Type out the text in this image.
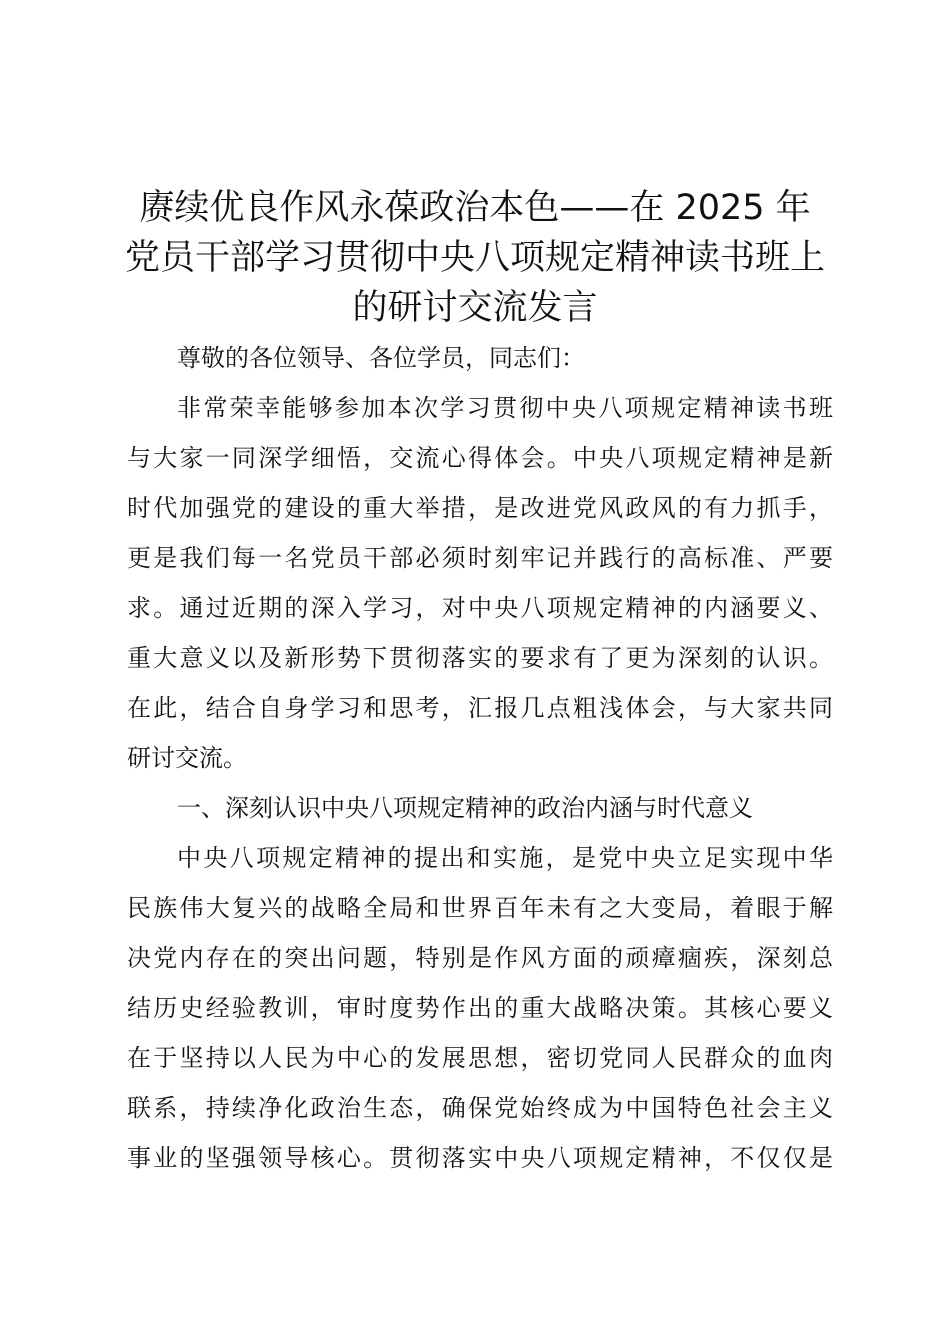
赓续优良作风永葆政治本色——在 2025 年
党员干部学习贯彻中央八项规定精神读书班上
的研讨交流发言

尊敬的各位领导、各位学员，同志们：

非常荣幸能够参加本次学习贯彻中央八项规定精神读书班
与大家一同深学细悟，交流心得体会。中央八项规定精神是新
时代加强党的建设的重大举措，是改进党风政风的有力抓手，
更是我们每一名党员干部必须时刻牢记并践行的高标准、严要
求。通过近期的深入学习，对中央八项规定精神的内涵要义、
重大意义以及新形势下贯彻落实的要求有了更为深刻的认识。
在此，结合自身学习和思考，汇报几点粗浅体会，与大家共同
研讨交流。

一、深刻认识中央八项规定精神的政治内涵与时代意义

中央八项规定精神的提出和实施，是党中央立足实现中华
民族伟大复兴的战略全局和世界百年未有之大变局，着眼于解
决党内存在的突出问题，特别是作风方面的顽瘴痼疾，深刻总
结历史经验教训，审时度势作出的重大战略决策。其核心要义
在于坚持以人民为中心的发展思想，密切党同人民群众的血肉
联系，持续净化政治生态，确保党始终成为中国特色社会主义
事业的坚强领导核心。贯彻落实中央八项规定精神，不仅仅是
